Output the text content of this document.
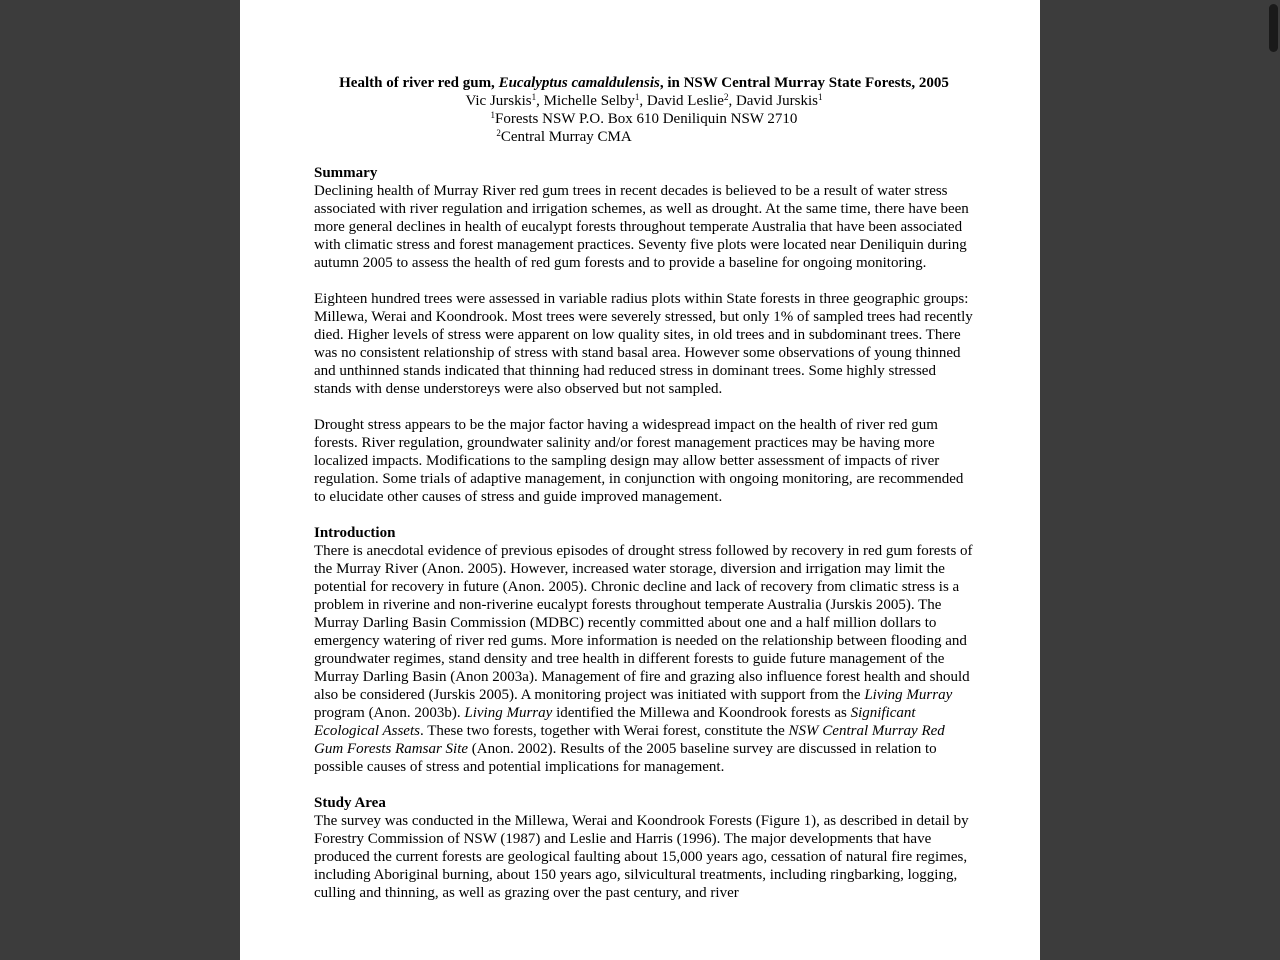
Health of river red gum, Eucalyptus camaldulensis, in NSW Central Murray State Forests, 2005
Vic Jurskis$^1$, Michelle Selby$^1$, David Leslie$^2$, David Jurskis$^1$
$^1$Forests NSW P.O. Box 610 Deniliquin NSW 2710
$^2$Central Murray CMA
Summary

Declining health of Murray River red gum trees in recent decades is believed to be a result of water stress associated with river regulation and irrigation schemes, as well as drought. At the same time, there have been more general declines in health of eucalypt forests throughout temperate Australia that have been associated with climatic stress and forest management practices. Seventy five plots were located near Deniliquin during autumn 2005 to assess the health of red gum forests and to provide a baseline for ongoing monitoring.

Eighteen hundred trees were assessed in variable radius plots within State forests in three geographic groups: Millewa, Werai and Koondrook. Most trees were severely stressed, but only 1% of sampled trees had recently died. Higher levels of stress were apparent on low quality sites, in old trees and in subdominant trees. There was no consistent relationship of stress with stand basal area. However some observations of young thinned and unthinned stands indicated that thinning had reduced stress in dominant trees. Some highly stressed stands with dense understoreys were also observed but not sampled.

Drought stress appears to be the major factor having a widespread impact on the health of river red gum forests. River regulation, groundwater salinity and/or forest management practices may be having more localized impacts. Modifications to the sampling design may allow better assessment of impacts of river regulation. Some trials of adaptive management, in conjunction with ongoing monitoring, are recommended to elucidate other causes of stress and guide improved management.

Introduction

There is anecdotal evidence of previous episodes of drought stress followed by recovery in red gum forests of the Murray River (Anon. 2005). However, increased water storage, diversion and irrigation may limit the potential for recovery in future (Anon. 2005). Chronic decline and lack of recovery from climatic stress is a problem in riverine and non-riverine eucalypt forests throughout temperate Australia (Jurskis 2005). The Murray Darling Basin Commission (MDBC) recently committed about one and a half million dollars to emergency watering of river red gums. More information is needed on the relationship between flooding and groundwater regimes, stand density and tree health in different forests to guide future management of the Murray Darling Basin (Anon 2003a). Management of fire and grazing also influence forest health and should also be considered (Jurskis 2005). A monitoring project was initiated with support from the Living Murray program (Anon. 2003b). Living Murray identified the Millewa and Koondrook forests as Significant Ecological Assets. These two forests, together with Werai forest, constitute the NSW Central Murray Red Gum Forests Ramsar Site (Anon. 2002). Results of the 2005 baseline survey are discussed in relation to possible causes of stress and potential implications for management.

Study Area

The survey was conducted in the Millewa, Werai and Koondrook Forests (Figure 1), as described in detail by Forestry Commission of NSW (1987) and Leslie and Harris (1996). The major developments that have produced the current forests are geological faulting about 15,000 years ago, cessation of natural fire regimes, including Aboriginal burning, about 150 years ago, silvicultural treatments, including ringbarking, logging, culling and thinning, as well as grazing over the past century, and river
